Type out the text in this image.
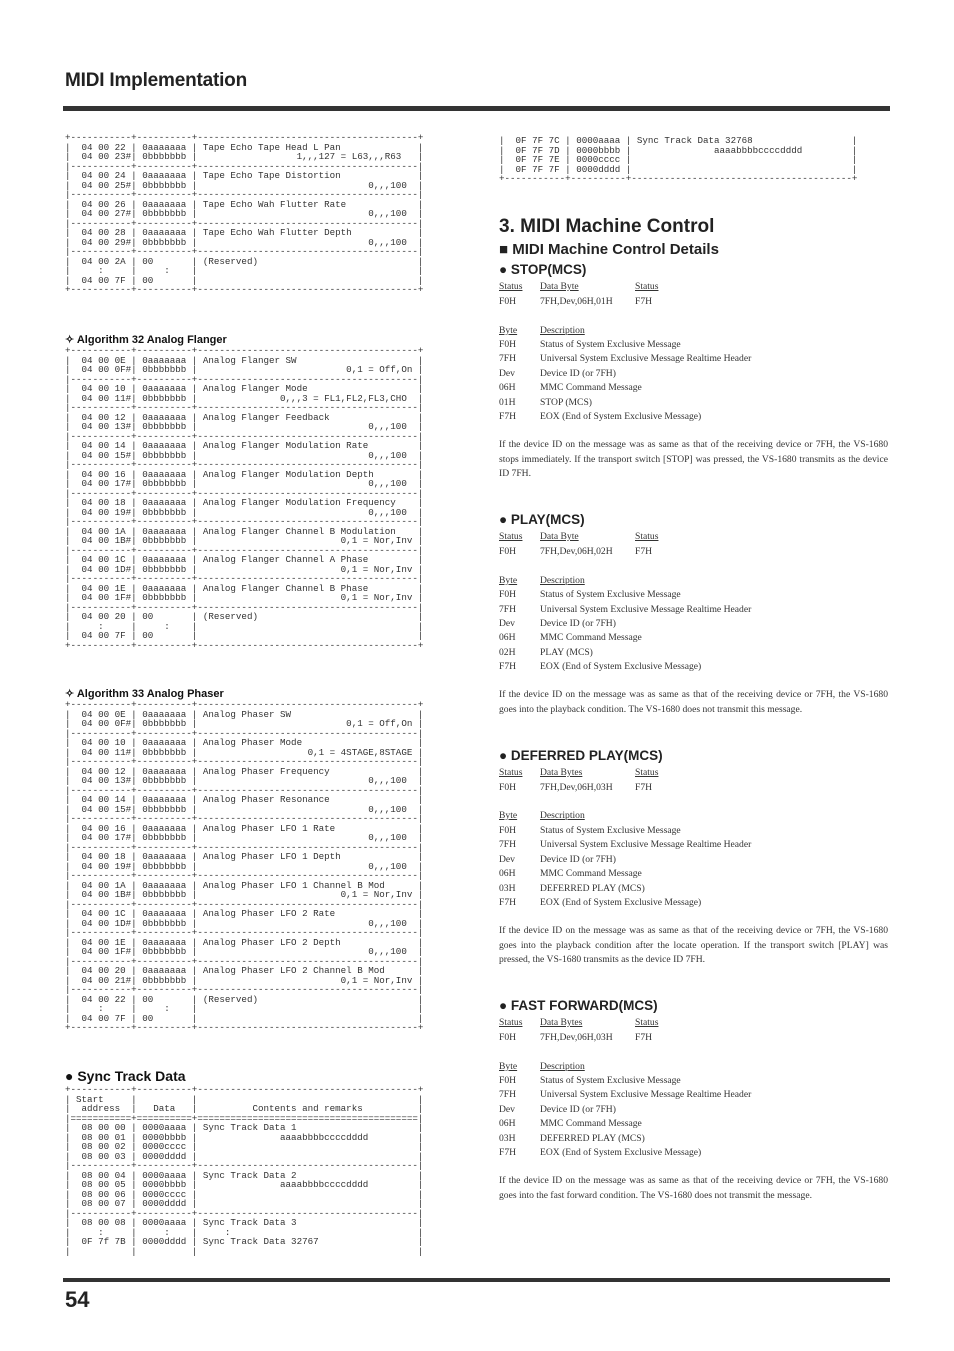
MIDI Implementation
+-----------+----------+----------------------------------------+
|  04 00 22 | 0aaaaaaa | Tape Echo Tape Head L Pan              |
|  04 00 23#| 0bbbbbbb |                  1,,,127 = L63,,,R63   |
|-----------+----------+----------------------------------------|
|  04 00 24 | 0aaaaaaa | Tape Echo Tape Distortion              |
|  04 00 25#| 0bbbbbbb |                               0,,,100  |
|-----------+----------+----------------------------------------|
|  04 00 26 | 0aaaaaaa | Tape Echo Wah Flutter Rate             |
|  04 00 27#| 0bbbbbbb |                               0,,,100  |
|-----------+----------+----------------------------------------|
|  04 00 28 | 0aaaaaaa | Tape Echo Wah Flutter Depth            |
|  04 00 29#| 0bbbbbbb |                               0,,,100  |
|-----------+----------+----------------------------------------|
|  04 00 2A | 00       | (Reserved)                             |
|     :     |     :    |                                        |
|  04 00 7F | 00       |                                        |
+-----------+----------+----------------------------------------+
✧ Algorithm 32 Analog Flanger
+-----------+----------+----------------------------------------+
|  04 00 0E | 0aaaaaaa | Analog Flanger SW                      |
|  04 00 0F#| 0bbbbbbb |                           0,1 = Off,On |
|-----------+----------+----------------------------------------|
|  04 00 10 | 0aaaaaaa | Analog Flanger Mode                    |
|  04 00 11#| 0bbbbbbb |               0,,,3 = FL1,FL2,FL3,CHO  |
|-----------+----------+----------------------------------------|
|  04 00 12 | 0aaaaaaa | Analog Flanger Feedback                |
|  04 00 13#| 0bbbbbbb |                               0,,,100  |
|-----------+----------+----------------------------------------|
|  04 00 14 | 0aaaaaaa | Analog Flanger Modulation Rate         |
|  04 00 15#| 0bbbbbbb |                               0,,,100  |
|-----------+----------+----------------------------------------|
|  04 00 16 | 0aaaaaaa | Analog Flanger Modulation Depth        |
|  04 00 17#| 0bbbbbbb |                               0,,,100  |
|-----------+----------+----------------------------------------|
|  04 00 18 | 0aaaaaaa | Analog Flanger Modulation Frequency    |
|  04 00 19#| 0bbbbbbb |                               0,,,100  |
|-----------+----------+----------------------------------------|
|  04 00 1A | 0aaaaaaa | Analog Flanger Channel B Modulation    |
|  04 00 1B#| 0bbbbbbb |                          0,1 = Nor,Inv |
|-----------+----------+----------------------------------------|
|  04 00 1C | 0aaaaaaa | Analog Flanger Channel A Phase         |
|  04 00 1D#| 0bbbbbbb |                          0,1 = Nor,Inv |
|-----------+----------+----------------------------------------|
|  04 00 1E | 0aaaaaaa | Analog Flanger Channel B Phase         |
|  04 00 1F#| 0bbbbbbb |                          0,1 = Nor,Inv |
|-----------+----------+----------------------------------------|
|  04 00 20 | 00       | (Reserved)                             |
|     :     |     :    |                                        |
|  04 00 7F | 00       |                                        |
+-----------+----------+----------------------------------------+
✧ Algorithm 33 Analog Phaser
+-----------+----------+----------------------------------------+
|  04 00 0E | 0aaaaaaa | Analog Phaser SW                       |
|  04 00 0F#| 0bbbbbbb |                           0,1 = Off,On |
|-----------+----------+----------------------------------------|
|  04 00 10 | 0aaaaaaa | Analog Phaser Mode                     |
|  04 00 11#| 0bbbbbbb |                    0,1 = 4STAGE,8STAGE |
|-----------+----------+----------------------------------------|
|  04 00 12 | 0aaaaaaa | Analog Phaser Frequency                |
|  04 00 13#| 0bbbbbbb |                               0,,,100  |
|-----------+----------+----------------------------------------|
|  04 00 14 | 0aaaaaaa | Analog Phaser Resonance                |
|  04 00 15#| 0bbbbbbb |                               0,,,100  |
|-----------+----------+----------------------------------------|
|  04 00 16 | 0aaaaaaa | Analog Phaser LFO 1 Rate               |
|  04 00 17#| 0bbbbbbb |                               0,,,100  |
|-----------+----------+----------------------------------------|
|  04 00 18 | 0aaaaaaa | Analog Phaser LFO 1 Depth              |
|  04 00 19#| 0bbbbbbb |                               0,,,100  |
|-----------+----------+----------------------------------------|
|  04 00 1A | 0aaaaaaa | Analog Phaser LFO 1 Channel B Mod      |
|  04 00 1B#| 0bbbbbbb |                          0,1 = Nor,Inv |
|-----------+----------+----------------------------------------|
|  04 00 1C | 0aaaaaaa | Analog Phaser LFO 2 Rate               |
|  04 00 1D#| 0bbbbbbb |                               0,,,100  |
|-----------+----------+----------------------------------------|
|  04 00 1E | 0aaaaaaa | Analog Phaser LFO 2 Depth              |
|  04 00 1F#| 0bbbbbbb |                               0,,,100  |
|-----------+----------+----------------------------------------|
|  04 00 20 | 0aaaaaaa | Analog Phaser LFO 2 Channel B Mod      |
|  04 00 21#| 0bbbbbbb |                          0,1 = Nor,Inv |
|-----------+----------+----------------------------------------|
|  04 00 22 | 00       | (Reserved)                             |
|     :     |     :    |                                        |
|  04 00 7F | 00       |                                        |
+-----------+----------+----------------------------------------+
● Sync Track Data
+-----------+----------+----------------------------------------+
| Start     |          |                                        |
|  address  |   Data   |          Contents and remarks          |
|===========+==========+========================================|
|  08 00 00 | 0000aaaa | Sync Track Data 1                      |
|  08 00 01 | 0000bbbb |               aaaabbbbccccdddd         |
|  08 00 02 | 0000cccc |                                        |
|  08 00 03 | 0000dddd |                                        |
|-----------+----------+----------------------------------------|
|  08 00 04 | 0000aaaa | Sync Track Data 2                      |
|  08 00 05 | 0000bbbb |               aaaabbbbccccdddd         |
|  08 00 06 | 0000cccc |                                        |
|  08 00 07 | 0000dddd |                                        |
|-----------+----------+----------------------------------------|
|  08 00 08 | 0000aaaa | Sync Track Data 3                      |
|     :     |     :    |     :                                  |
|  0F 7f 7B | 0000dddd | Sync Track Data 32767                  |
|           |          |                                        |
|  0F 7F 7C | 0000aaaa | Sync Track Data 32768                  |
|  0F 7F 7D | 0000bbbb |               aaaabbbbccccdddd         |
|  0F 7F 7E | 0000cccc |                                        |
|  0F 7F 7F | 0000dddd |                                        |
+-----------+----------+----------------------------------------+
3. MIDI Machine Control
■ MIDI Machine Control Details
● STOP(MCS)
Status Data Byte	Status
F0H 7FH,Dev,06H,01H F7H
Byte Description
F0H Status of System Exclusive Message
7FH Universal System Exclusive Message Realtime Header
Dev	Device ID (or 7FH)
06H	MMC Command Message
01H	STOP (MCS)
F7H EOX (End of System Exclusive Message)
If the device ID on the message was as same as that of the receiving device or 7FH, the VS-1680 stops immediately. If the transport switch [STOP] was pressed, the VS-1680 transmits as the device ID 7FH.
● PLAY(MCS)
Status Data Byte	Status
F0H 7FH,Dev,06H,02H F7H
Byte Description
F0H Status of System Exclusive Message
7FH Universal System Exclusive Message Realtime Header
Dev	Device ID (or 7FH)
06H	MMC Command Message
02H	PLAY (MCS)
F7H EOX (End of System Exclusive Message)
If the device ID on the message was as same as that of the receiving device or 7FH, the VS-1680 goes into the playback condition. The VS-1680 does not transmit this message.
● DEFERRED PLAY(MCS)
Status Data Bytes	Status
F0H 7FH,Dev,06H,03H F7H
Byte Description
F0H Status of System Exclusive Message
7FH Universal System Exclusive Message Realtime Header
Dev	Device ID (or 7FH)
06H	MMC Command Message
03H	DEFERRED PLAY (MCS)
F7H EOX (End of System Exclusive Message)
If the device ID on the message was as same as that of the receiving device or 7FH, the VS-1680 goes into the playback condition after the locate operation. If the transport switch [PLAY] was pressed, the VS-1680 transmits as the device ID 7FH.
● FAST FORWARD(MCS)
Status Data Bytes	Status
F0H 7FH,Dev,06H,03H F7H
Byte Description
F0H Status of System Exclusive Message
7FH Universal System Exclusive Message Realtime Header
Dev	Device ID (or 7FH)
06H	MMC Command Message
03H	DEFERRED PLAY (MCS)
F7H EOX (End of System Exclusive Message)
If the device ID on the message was as same as that of the receiving device or 7FH, the VS-1680 goes into the fast forward condition. The VS-1680 does not transmit the message.
54
